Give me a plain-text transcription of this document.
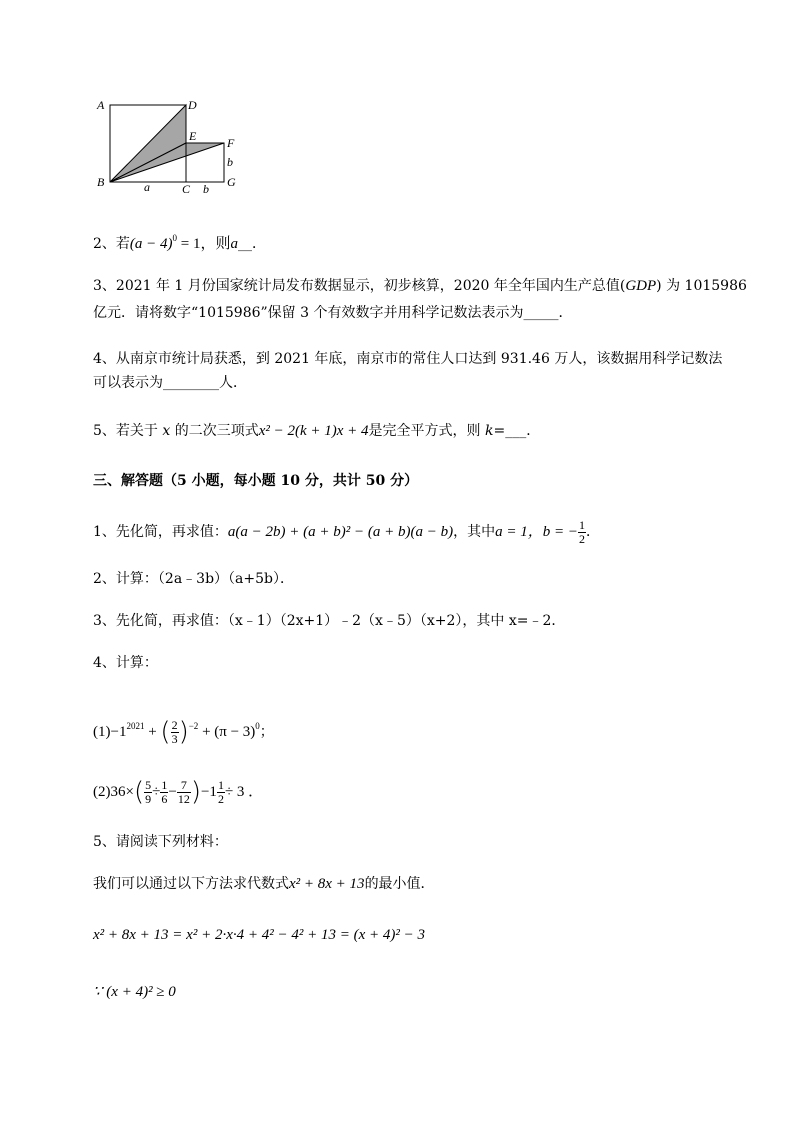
A	D
E	F
b
B	a	C b G
2、若$(a - 4)^0 = 1$，则a__．
3、2021 年 1 月份国家统计局发布数据显示，初步核算，2020 年全年国内生产总值(GDP) 为 1015986
亿元．请将数字“1015986”保留 3 个有效数字并用科学记数法表示为_____．
4、从南京市统计局获悉，到 2021 年底，南京市的常住人口达到 931.46 万人，该数据用科学记数法
可以表示为________人．
5、若关于 x 的二次三项式x² − 2(k + 1)x + 4是完全平方式，则 k=___．
三、解答题（5 小题，每小题 10 分，共计 50 分）
1、先化简，再求值：a(a − 2b) + (a + b)² − (a + b)(a − b)，其中a = 1，b = − $\frac{1}{2}$ ．
2、计算：（2a﹣3b）（a+5b）．
3、先化简，再求值：（x﹣1）（2x+1）﹣2（x﹣5）（x+2），其中 x=﹣2．
4、计算：
$(1)-1^{2021}$ + ( $\frac{2}{3} )^{-2} + (\pi - 3)^0$；
$(2)36\times( \frac{5}{9} \div \frac{1}{6} - \frac{7}{12} )-1 \frac{1}{2} \div 3$ ．
5、请阅读下列材料：
我们可以通过以下方法求代数式x² + 8x + 13的最小值．
x² + 8x + 13 = x² + 2·x·4 + 4² − 4² + 13 = (x + 4)² − 3
∵ (x + 4)² ≥ 0
